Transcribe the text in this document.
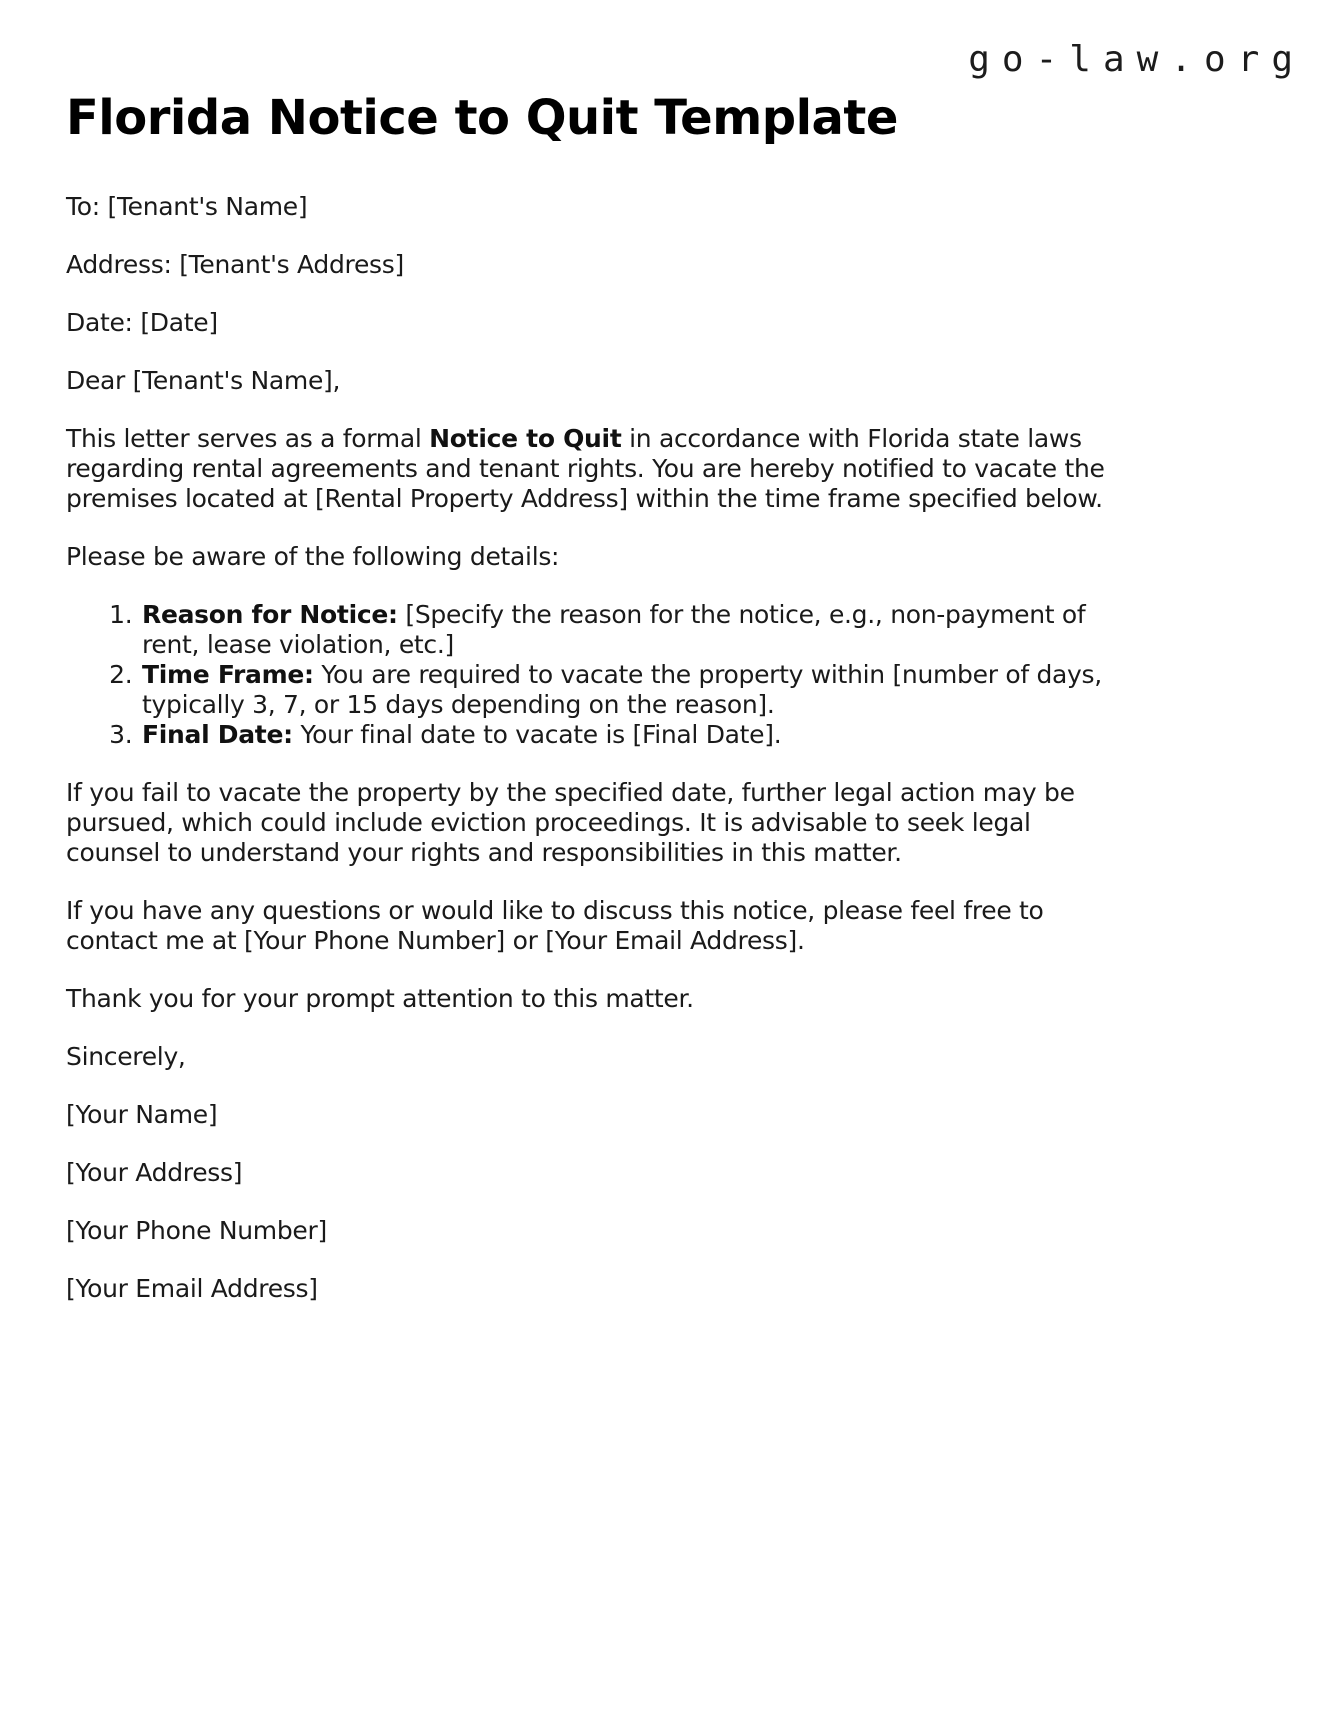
go-law.org
Florida Notice to Quit Template

To: [Tenant's Name]

Address: [Tenant's Address]

Date: [Date]

Dear [Tenant's Name],

This letter serves as a formal Notice to Quit in accordance with Florida state laws regarding rental agreements and tenant rights. You are hereby notified to vacate the premises located at [Rental Property Address] within the time frame specified below.

Please be aware of the following details:

1. Reason for Notice: [Specify the reason for the notice, e.g., non-payment of rent, lease violation, etc.]
2. Time Frame: You are required to vacate the property within [number of days, typically 3, 7, or 15 days depending on the reason].
3. Final Date: Your final date to vacate is [Final Date].

If you fail to vacate the property by the specified date, further legal action may be pursued, which could include eviction proceedings. It is advisable to seek legal counsel to understand your rights and responsibilities in this matter.

If you have any questions or would like to discuss this notice, please feel free to contact me at [Your Phone Number] or [Your Email Address].

Thank you for your prompt attention to this matter.

Sincerely,

[Your Name]

[Your Address]

[Your Phone Number]

[Your Email Address]
